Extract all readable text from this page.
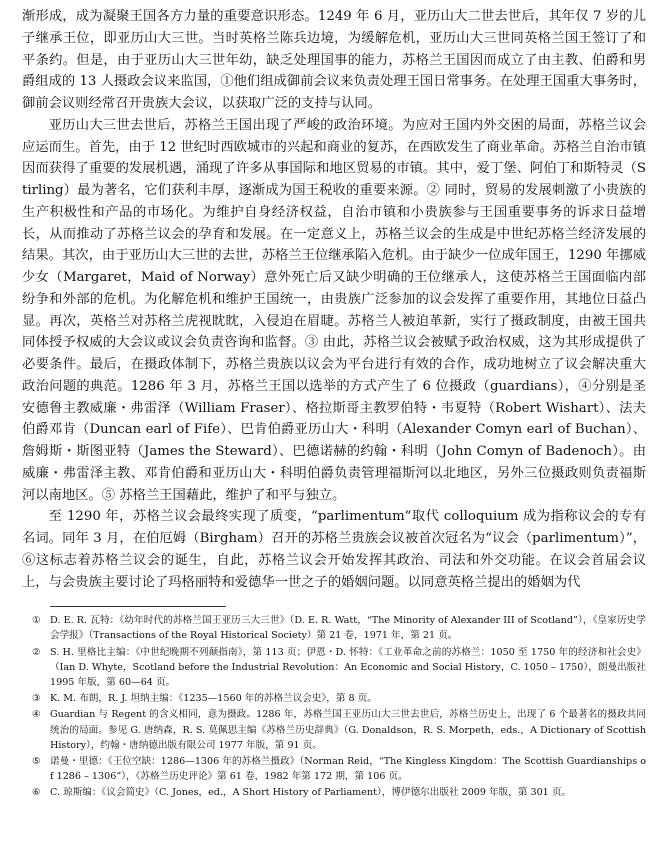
渐形成，成为凝聚王国各方力量的重要意识形态。1249 年 6 月，亚历山大二世去世后，其年仅 7 岁的儿子继承王位，即亚历山大三世。当时英格兰陈兵边境，为缓解危机，亚历山大三世同英格兰国王签订了和平条约。但是，由于亚历山大三世年幼，缺乏处理国事的能力，苏格兰王国因而成立了由主教、伯爵和男爵组成的 13 人摄政会议来监国，①他们组成御前会议来负责处理王国日常事务。在处理王国重大事务时，御前会议则经常召开贵族大会议，以获取广泛的支持与认同。

亚历山大三世去世后，苏格兰王国出现了严峻的政治环境。为应对王国内外交困的局面，苏格兰议会应运而生。首先，由于 12 世纪时西欧城市的兴起和商业的复苏，在西欧发生了商业革命。苏格兰自治市镇因而获得了重要的发展机遇，涌现了许多从事国际和地区贸易的市镇。其中，爱丁堡、阿伯丁和斯特灵（Stirling）最为著名，它们获利丰厚，逐渐成为国王税收的重要来源。② 同时，贸易的发展刺激了小贵族的生产积极性和产品的市场化。为维护自身经济权益，自治市镇和小贵族参与王国重要事务的诉求日益增长，从而推动了苏格兰议会的孕育和发展。在一定意义上，苏格兰议会的生成是中世纪苏格兰经济发展的结果。其次，由于亚历山大三世的去世，苏格兰王位继承陷入危机。由于缺少一位成年国王，1290 年挪威少女（Margaret，Maid of Norway）意外死亡后又缺少明确的王位继承人，这使苏格兰王国面临内部纷争和外部的危机。为化解危机和维护王国统一，由贵族广泛参加的议会发挥了重要作用，其地位日益凸显。再次，英格兰对苏格兰虎视眈眈，入侵迫在眉睫。苏格兰人被迫革新，实行了摄政制度，由被王国共同体授予权威的大会议或议会负责咨询和监督。③ 由此，苏格兰议会被赋予政治权威，这为其形成提供了必要条件。最后，在摄政体制下，苏格兰贵族以议会为平台进行有效的合作，成功地树立了议会解决重大政治问题的典范。1286 年 3 月，苏格兰王国以选举的方式产生了 6 位摄政（guardians），④分别是圣安德鲁主教威廉・弗雷泽（William Fraser）、格拉斯哥主教罗伯特・韦夏特（Robert Wishart）、法夫伯爵邓肯（Duncan earl of Fife）、巴肯伯爵亚历山大・科明（Alexander Comyn earl of Buchan）、詹姆斯・斯图亚特（James the Steward）、巴德诺赫的约翰・科明（John Comyn of Badenoch）。由威廉・弗雷泽主教、邓肯伯爵和亚历山大・科明伯爵负责管理福斯河以北地区，另外三位摄政则负责福斯河以南地区。⑤ 苏格兰王国藉此，维护了和平与独立。

至 1290 年，苏格兰议会最终实现了质变，“parlimentum”取代 colloquium 成为指称议会的专有名词。同年 3 月，在伯厄姆（Birgham）召开的苏格兰贵族会议被首次冠名为“议会（parlimentum）”，⑥这标志着苏格兰议会的诞生，自此，苏格兰议会开始发挥其政治、司法和外交功能。在议会首届会议上，与会贵族主要讨论了玛格丽特和爱德华一世之子的婚姻问题。以同意英格兰提出的婚姻为代

① D. E. R. 瓦特：《幼年时代的苏格兰国王亚历三大三世》（D. E. R. Watt，“The Minority of Alexander III of Scotland”），《皇家历史学会学报》（Transactions of the Royal Historical Society）第 21 卷，1971 年，第 21 页。
② S. H. 里格比主编：《中世纪晚期不列颠指南》，第 113 页；伊恩・D. 怀特：《工业革命之前的苏格兰：1050 至 1750 年的经济和社会史》（Ian D. Whyte，Scotland before the Industrial Revolution：An Economic and Social History，C. 1050 – 1750），朗曼出版社 1995 年版，第 60—64 页。
③ K. M. 布朗，R. J. 坦纳主编：《1235—1560 年的苏格兰议会史》，第 8 页。
④ Guardian 与 Regent 的含义相同，意为摄政。1286 年，苏格兰国王亚历山大三世去世后，苏格兰历史上，出现了 6 个最著名的摄政共同统治的局面。参见 G. 唐纳森，R. S. 莫佩思主编《苏格兰历史辞典》（G. Donaldson，R. S. Morpeth，eds.，A Dictionary of Scottish History），约翰・唐纳德出版有限公司 1977 年版，第 91 页。
⑤ 诺曼・里德：《王位空缺：1286—1306 年的苏格兰摄政》（Norman Reid，“The Kingless Kingdom：The Scottish Guardianships of 1286 – 1306”），《苏格兰历史评论》第 61 卷，1982 年第 172 期，第 106 页。
⑥ C. 琼斯编：《议会简史》（C. Jones，ed.，A Short History of Parliament），博伊德尔出版社 2009 年版，第 301 页。
